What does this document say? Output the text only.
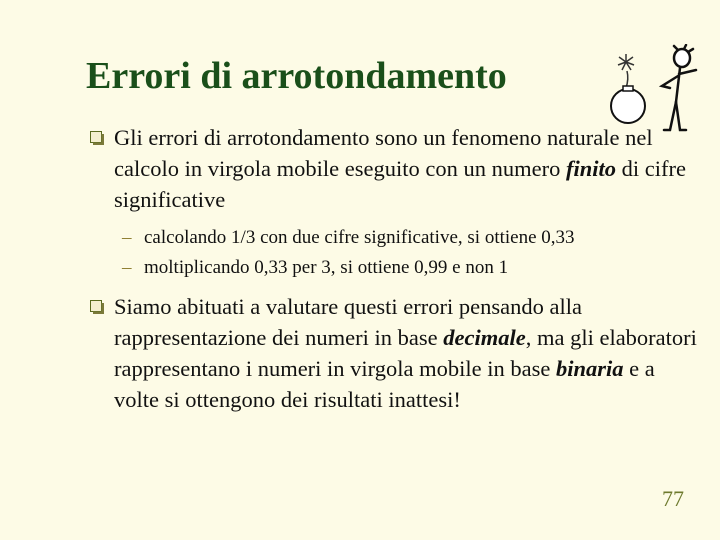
Errori di arrotondamento

Gli errori di arrotondamento sono un fenomeno naturale nel calcolo in virgola mobile eseguito con un numero finito di cifre significative

– calcolando 1/3 con due cifre significative, si ottiene 0,33
– moltiplicando 0,33 per 3, si ottiene 0,99 e non 1

Siamo abituati a valutare questi errori pensando alla rappresentazione dei numeri in base decimale, ma gli elaboratori rappresentano i numeri in virgola mobile in base binaria e a volte si ottengono dei risultati inattesi!

77
